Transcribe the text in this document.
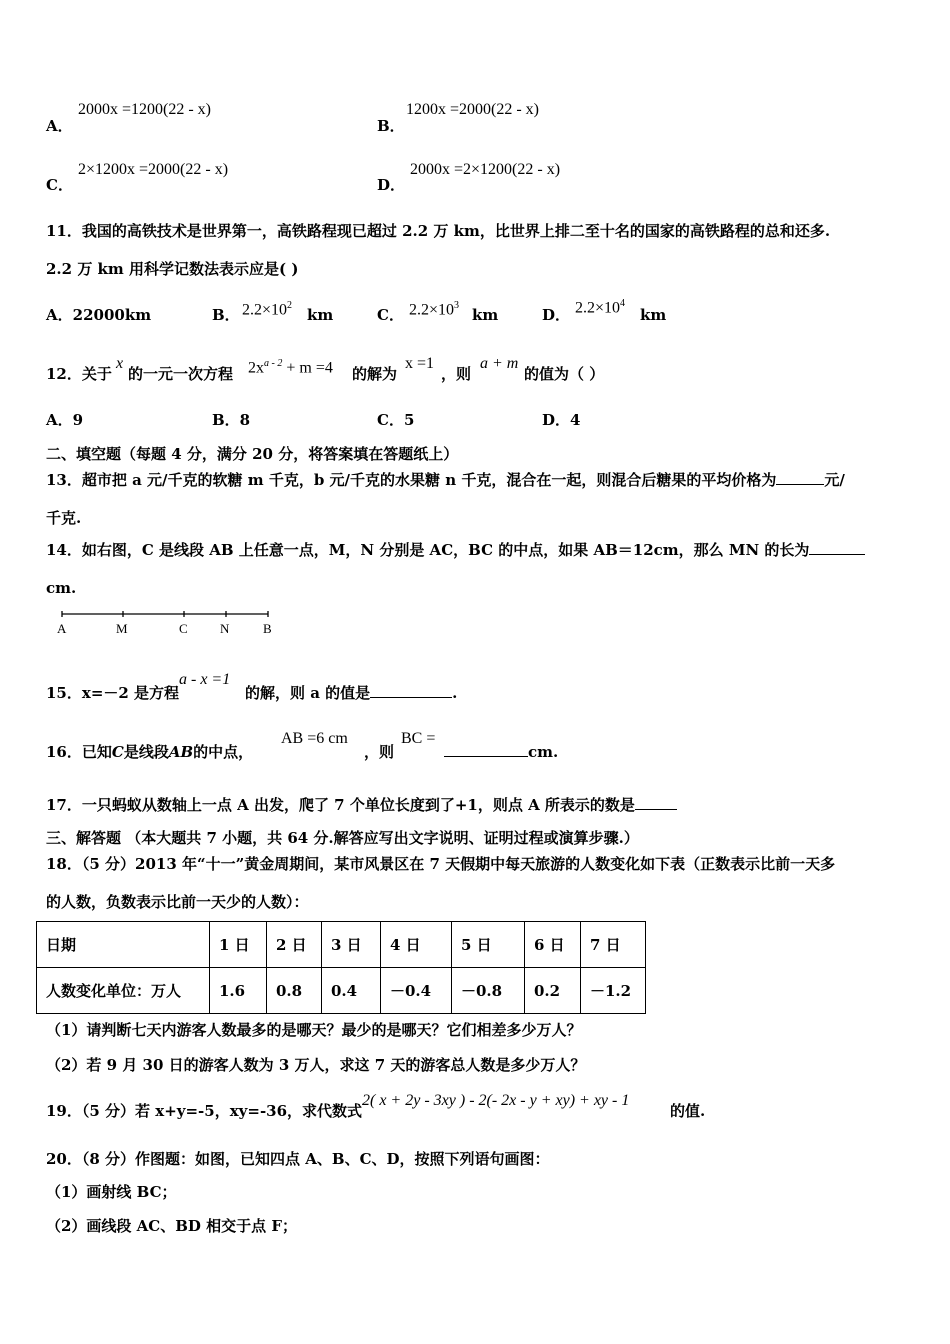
A．
2000x =1200(22 - x)
B．
1200x =2000(22 - x)
C．
2×1200x =2000(22 - x)
D．
2000x =2×1200(22 - x)
11．我国的高铁技术是世界第一，高铁路程现已超过 2.2 万 km，比世界上排二至十名的国家的高铁路程的总和还多.
2.2 万 km 用科学记数法表示应是( )
A．22000km	B． $2.2\times 10^2$
km	C． $2.2\times 10^3$
km	D． $2.2\times 10^4$
km
12．关于
x
的一元一次方程 $2x^{a - 2} + m =4$ 的解为
x =1
，则
a + m
的值为（ ）
A．9	B．8	C．5	D．4
二、填空题（每题 4 分，满分 20 分，将答案填在答题纸上）
13．超市把 a 元/千克的软糖 m 千克，b 元/千克的水果糖 n 千克，混合在一起，则混合后糖果的平均价格为	元/
千克.
14．如右图，C 是线段 AB 上任意一点，M，N 分别是 AC，BC 的中点，如果 AB＝12cm，那么 MN 的长为
cm.
A	M	C N	B
15．x=－2 是方程
a - x =1
的解，则 a 的值是	.
16．已知C是线段AB的中点，
AB =6 cm
，则
BC =
cm.
17．一只蚂蚁从数轴上一点 A 出发，爬了 7 个单位长度到了+1，则点 A 所表示的数是
三、解答题 （本大题共 7 小题，共 64 分.解答应写出文字说明、证明过程或演算步骤.）
18．（5 分）2013 年“十一”黄金周期间，某市风景区在 7 天假期中每天旅游的人数变化如下表（正数表示比前一天多
的人数，负数表示比前一天少的人数）：
日期	1 日	2 日	3 日	4 日	5 日	6 日	7 日
人数变化单位：万人	1.6	0.8	0.4	－0.4	－0.8	0.2	－1.2
（1）请判断七天内游客人数最多的是哪天？最少的是哪天？它们相差多少万人？
（2）若 9 月 30 日的游客人数为 3 万人，求这 7 天的游客总人数是多少万人？
19．（5 分）若 x+y=-5，xy=-36，求代数式
2( x + 2y - 3xy ) - 2(- 2x - y + xy) + xy - 1
的值.
20．（8 分）作图题：如图，已知四点 A、B、C、D，按照下列语句画图：
（1）画射线 BC；
（2）画线段 AC、BD 相交于点 F；
